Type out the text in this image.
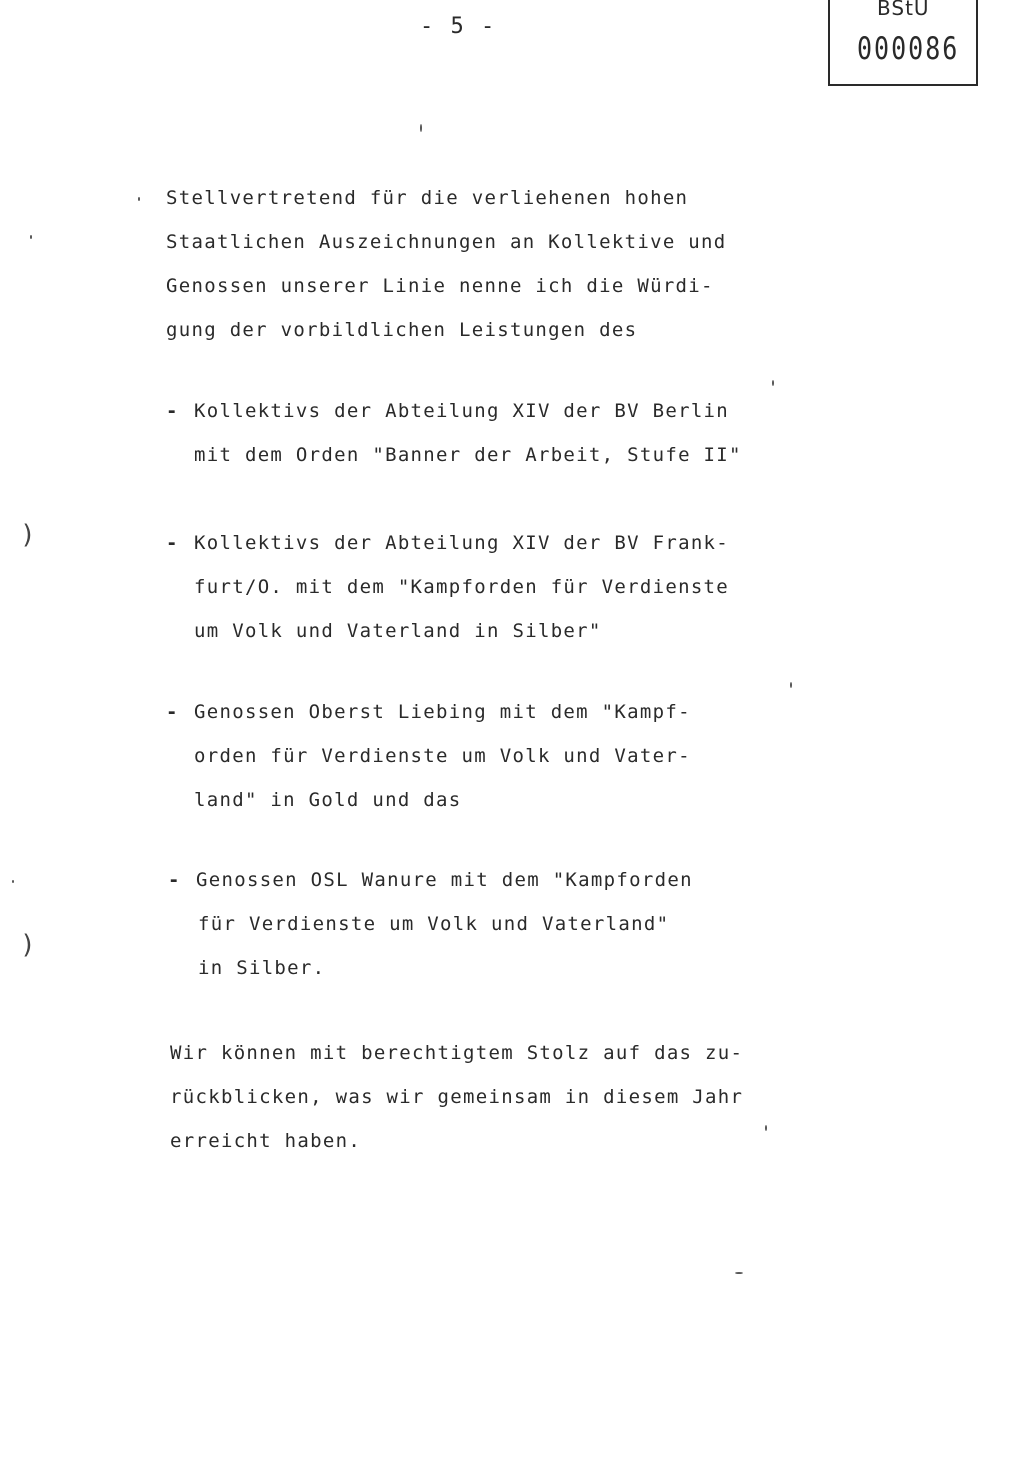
- 5 -
BStU
000086
Stellvertretend für die verliehenen hohen
Staatlichen Auszeichnungen an Kollektive und
Genossen unserer Linie nenne ich die Würdi-
gung der vorbildlichen Leistungen des
- Kollektivs der Abteilung XIV der BV Berlin
mit dem Orden "Banner der Arbeit, Stufe II"
- Kollektivs der Abteilung XIV der BV Frank-
furt/O. mit dem "Kampforden für Verdienste
um Volk und Vaterland in Silber"
- Genossen Oberst Liebing mit dem "Kampf-
orden für Verdienste um Volk und Vater-
land" in Gold und das
- Genossen OSL Wanure mit dem "Kampforden
für Verdienste um Volk und Vaterland"
in Silber.
Wir können mit berechtigtem Stolz auf das zu-
rückblicken, was wir gemeinsam in diesem Jahr
erreicht haben.
)
)
